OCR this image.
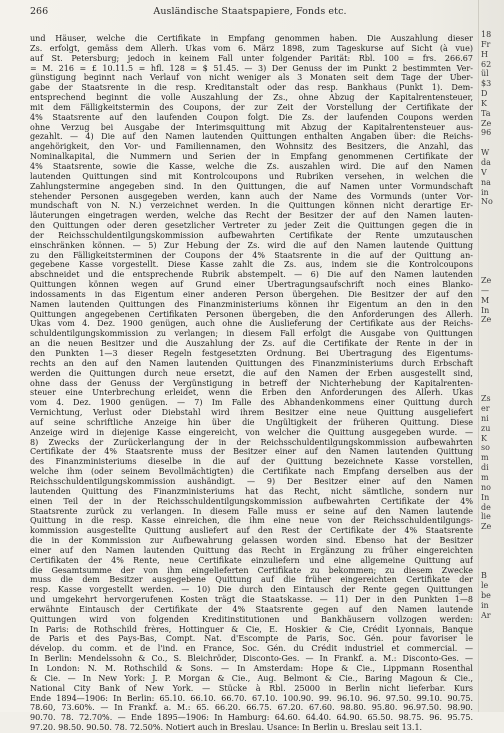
266	Ausländische Staatspapiere, Fonds etc.
und Häuser, welche die Certifikate in Empfang genommen haben. Die Auszahlung dieser
Zs. erfolgt, gemäss dem Allerh. Ukas vom 6. März 1898, zum Tageskurse auf Sicht (à vue)
auf St. Petersburg; jedoch in keinem Fall unter folgender Parität: Rbl. 100 = frs. 266.67
= M. 216 = £ 10.11.5 = hfl. 128 = $ 51.45. — 3) Der Genuss der im Punkt 2 bestimmten Ver-
günstigung beginnt nach Verlauf von nicht weniger als 3 Monaten seit dem Tage der Über-
gabe der Staatsrente in die resp. Kreditanstalt oder das resp. Bankhaus (Punkt 1). Dem-
entsprechend beginnt die volle Auszahlung der Zs., ohne Abzug der Kapitalrentensteuer,
mit dem Fälligkeitstermin des Coupons, der zur Zeit der Vorstellung der Certifikate der
4% Staatsrente auf den laufenden Coupon folgt. Die Zs. der laufenden Coupons werden
ohne Verzug bei Ausgabe der Interimsquittung mit Abzug der Kapitalrentensteuer aus-
gezahlt. — 4) Die auf den Namen lautenden Quittungen enthalten Angaben über: die Reichs-
angehörigkeit, den Vor- und Familiennamen, den Wohnsitz des Besitzers, die Anzahl, das
Nominalkapital, die Nummern und Serien der in Empfang genommenen Certifikate der
4% Staatsrente, sowie die Kasse, welche die Zs. auszahlen wird. Die auf den Namen
lautenden Quittungen sind mit Kontrolcoupons und Rubriken versehen, in welchen die
Zahlungstermine angegeben sind. In den Quittungen, die auf Namen unter Vormundschaft
stehender Personen ausgegeben werden, kann auch der Name des Vormunds (unter Vor-
mundschaft von N. N.) verzeichnet werden. In die Quittungen können nicht derartige Er-
läuterungen eingetragen werden, welche das Recht der Besitzer der auf den Namen lauten-
den Quittungen oder deren gesetzlicher Vertreter zu jeder Zeit die Quittungen gegen die in
der Reichsschuldentilgungskommission aufbewahrten Certifikate der Rente umzutauschen
einschränken können. — 5) Zur Hebung der Zs. wird die auf den Namen lautende Quittung
zu den Fälligkeitsterminen der Coupons der 4% Staatsrente in die auf der Quittung an-
gegebene Kasse vorgestellt. Diese Kasse zahlt die Zs. aus, indem sie die Kontrolcoupons
abschneidet und die entsprechende Rubrik abstempelt. — 6) Die auf den Namen lautenden
Quittungen können wegen auf Grund einer Übertragungsaufschrift noch eines Blanko-
indossaments in das Eigentum einer anderen Person übergehen. Die Besitzer der auf den
Namen lautenden Quittungen des Finanzministeriums können ihr Eigentum an den in den
Quittungen angegebenen Certifikaten Personen übergeben, die den Anforderungen des Allerh.
Ukas vom 4. Dez. 1900 genügen, auch ohne die Auslieferung der Certifikate aus der Reichs-
schuldentilgungskommission zu verlangen; in diesem Fall erfolgt die Ausgabe von Quittungen
an die neuen Besitzer und die Auszahlung der Zs. auf die Certifikate der Rente in der in
den Punkten 1—3 dieser Regeln festgesetzten Ordnung. Bei Übertragung des Eigentums-
rechts an den auf den Namen lautenden Quittungen des Finanzministeriums durch Erbschaft
werden die Quittungen durch neue ersetzt, die auf den Namen der Erben ausgestellt sind,
ohne dass der Genuss der Vergünstigung in betreff der Nichterhebung der Kapitalrenten-
steuer eine Unterbrechung erleidet, wenn die Erben den Anforderungen des Allerh. Ukas
vom 4. Dez. 1900 genügen. — 7) Im Falle des Abhandenkommens einer Quittung durch
Vernichtung, Verlust oder Diebstahl wird ihrem Besitzer eine neue Quittung ausgeliefert
auf seine schriftliche Anzeige hin über die Ungültigkeit der früheren Quittung. Diese
Anzeige wird in diejenige Kasse eingereicht, von welcher die Quittung ausgegeben wurde. —
8) Zwecks der Zurückerlangung der in der Reichsschuldentilgungskommission aufbewahrten
Certifikate der 4% Staatsrente muss der Besitzer einer auf den Namen lautenden Quittung
des Finanzministeriums dieselbe in die auf der Quittung bezeichnete Kasse vorstellen,
welche ihm (oder seinem Bevollmächtigten) die Certifikate nach Empfang derselben aus der
Reichsschuldentilgungskommission aushändigt. — 9) Der Besitzer einer auf den Namen
lautenden Quittung des Finanzministeriums hat das Recht, nicht sämtliche, sondern nur
einen Teil der in der Reichsschuldentilgungskommission aufbewahrten Certifikate der 4%
Staatsrente zurück zu verlangen. In diesem Falle muss er seine auf den Namen lautende
Quittung in die resp. Kasse einreichen, die ihm eine neue von der Reichsschuldentilgungs-
kommission ausgestellte Quittung ausliefert auf den Rest der Certifikate der 4% Staatsrente
die in der Kommission zur Aufbewahrung gelassen worden sind. Ebenso hat der Besitzer
einer auf den Namen lautenden Quittung das Recht in Ergänzung zu früher eingereichten
Certifikaten der 4% Rente, neue Certifikate einzuliefern und eine allgemeine Quittung auf
die Gesamtsumme der von ihm eingelieferten Certifikate zu bekommen; zu diesem Zwecke
muss die dem Besitzer ausgegebene Quittung auf die früher eingereichten Certifikate der
resp. Kasse vorgestellt werden. — 10) Die durch den Eintausch der Rente gegen Quittungen
und umgekehrt hervorgerufenen Kosten trägt die Staatskasse. — 11) Der in den Punkten 1—8
erwähnte Eintausch der Certifikate der 4% Staatsrente gegen auf den Namen lautende
Quittungen wird von folgenden Kreditinstitutionen und Bankhäusern vollzogen werden:
In Paris: de Rothschild frères, Hottinguer & Cie, E. Hoskier & Cie, Crédit Lyonnais, Banque
de Paris et des Pays-Bas, Compt. Nat. d'Escompte de Paris, Soc. Gén. pour favoriser le
dévelop. du comm. et de l'ind. en France, Soc. Gén. du Crédit industriel et commercial. —
In Berlin: Mendelssohn & Co., S. Bleichröder, Disconto-Ges. — In Frankf. a. M.: Disconto-Ges. —
In London: N. M. Rothschild & Sons. — In Amsterdam: Hope & Cie., Lippmann Rosenthal
& Cie. — In New York: J. P. Morgan & Cie., Aug. Belmont & Cie., Baring Magoun & Cie.,
National City Bank of New York. — Stücke à Rbl. 25000 in Berlin nicht lieferbar. Kurs
Ende 1894—1906: In Berlin: 65.10. 66.10. 66.70. 67.10. 100.90. 99. 96.10. 96. 97.50. 99.10. 90.75.
78.60, 73.60%. — In Frankf. a. M.: 65. 66.20. 66.75. 67.20. 67.60. 98.80. 95.80. 96.97.50. 98.90.
90.70. 78. 72.70%. — Ende 1895—1906: In Hamburg: 64.60. 64.40. 64.90. 65.50. 98.75. 96. 95.75.
97.20. 98.50. 90.50. 78. 72.50%. Notiert auch in Breslau. Usance: In Berlin u. Breslau seit 13.1.
18
Fr
H
62
ül
$3
D
K
Ta
Ze
96
W
da
V
na
in
No
Ze
—
M
In
Ze
Zs
er
ni
zu
K
so
m
di
m
no
In
de
lie
Ze
B
le
be
in
Ar
